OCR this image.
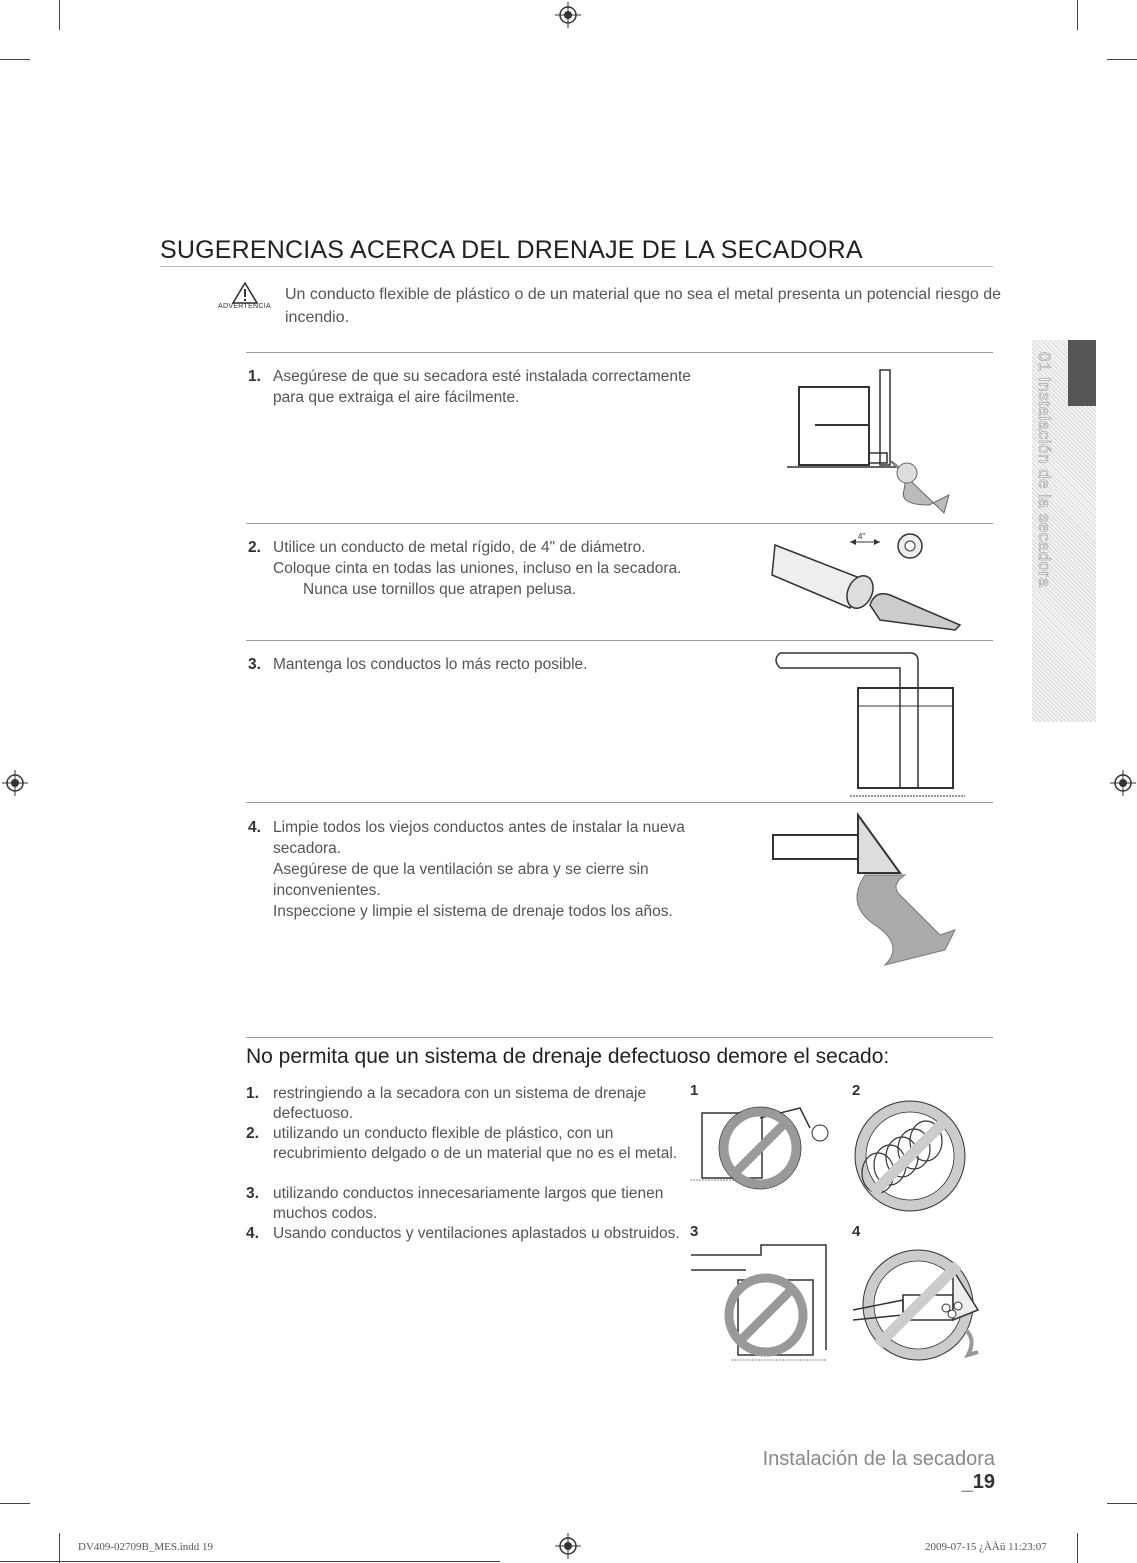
SUGERENCIAS ACERCA DEL DRENAJE DE LA SECADORA
ADVERTENCIA
Un conducto flexible de plástico o de un material que no sea el metal presenta un potencial riesgo de incendio.
1. Asegúrese de que su secadora esté instalada correctamente

para que extraiga el aire fácilmente.

2. Utilice un conducto de metal rígido, de 4" de diámetro.

Coloque cinta en todas las uniones, incluso en la secadora.

Nunca use tornillos que atrapen pelusa.

3. Mantenga los conductos lo más recto posible.

4. Limpie todos los viejos conductos antes de instalar la nueva

secadora.

Asegúrese de que la ventilación se abra y se cierre sin

inconvenientes.

Inspeccione y limpie el sistema de drenaje todos los años.

4"
No permita que un sistema de drenaje defectuoso demore el secado:
1. restringiendo a la secadora con un sistema de drenaje defectuoso.
2. utilizando un conducto flexible de plástico, con un recubrimiento delgado o de un material que no es el metal.
3. utilizando conductos innecesariamente largos que tienen muchos codos.
4. Usando conductos y ventilaciones aplastados u obstruidos.
1	2
3	4
01 Instalación de la secadora
Instalación de la secadora _19
DV409-02709B_MES.indd 19	2009-07-15 ¿ÀÀü 11:23:07
